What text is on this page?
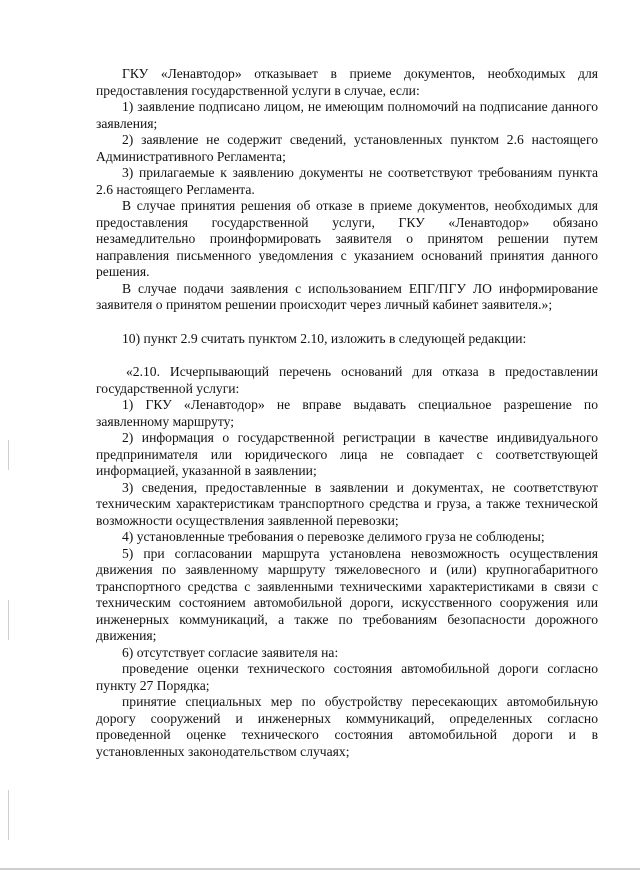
ГКУ «Ленавтодор» отказывает в приеме документов, необходимых для предоставления государственной услуги в случае, если:

1) заявление подписано лицом, не имеющим полномочий на подписание данного заявления;

2) заявление не содержит сведений, установленных пунктом 2.6 настоящего Административного Регламента;

3) прилагаемые к заявлению документы не соответствуют требованиям пункта 2.6 настоящего Регламента.

В случае принятия решения об отказе в приеме документов, необходимых для предоставления государственной услуги, ГКУ «Ленавтодор» обязано незамедлительно проинформировать заявителя о принятом решении путем направления письменного уведомления с указанием оснований принятия данного решения.

В случае подачи заявления с использованием ЕПГ/ПГУ ЛО информирование заявителя о принятом решении происходит через личный кабинет заявителя.»;

10) пункт 2.9 считать пунктом 2.10, изложить в следующей редакции:

«2.10. Исчерпывающий перечень оснований для отказа в предоставлении государственной услуги:

1) ГКУ «Ленавтодор» не вправе выдавать специальное разрешение по заявленному маршруту;

2) информация о государственной регистрации в качестве индивидуального предпринимателя или юридического лица не совпадает с соответствующей информацией, указанной в заявлении;

3) сведения, предоставленные в заявлении и документах, не соответствуют техническим характеристикам транспортного средства и груза, а также технической возможности осуществления заявленной перевозки;

4) установленные требования о перевозке делимого груза не соблюдены;

5) при согласовании маршрута установлена невозможность осуществления движения по заявленному маршруту тяжеловесного и (или) крупногабаритного транспортного средства с заявленными техническими характеристиками в связи с техническим состоянием автомобильной дороги, искусственного сооружения или инженерных коммуникаций, а также по требованиям безопасности дорожного движения;

6) отсутствует согласие заявителя на:

проведение оценки технического состояния автомобильной дороги согласно пункту 27 Порядка;

принятие специальных мер по обустройству пересекающих автомобильную дорогу сооружений и инженерных коммуникаций, определенных согласно проведенной оценке технического состояния автомобильной дороги и в установленных законодательством случаях;
